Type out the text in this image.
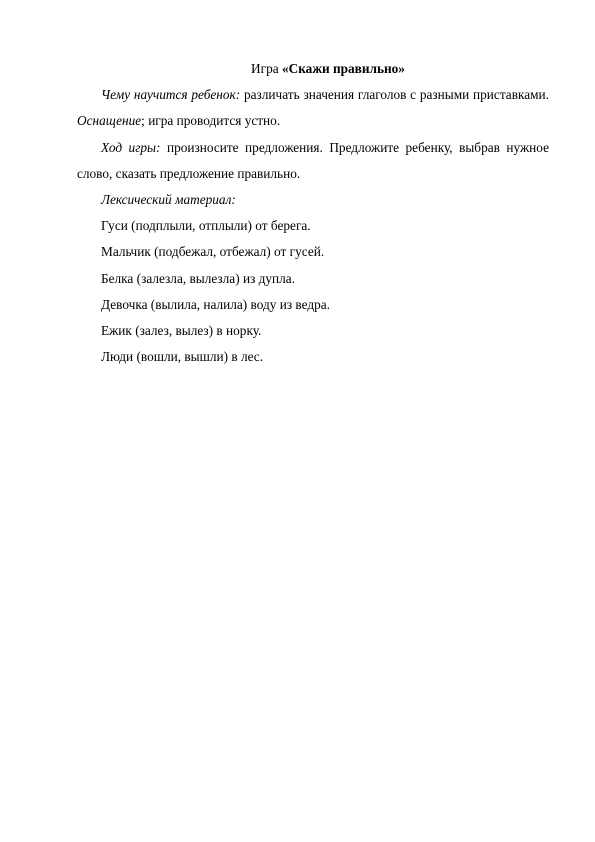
Игра «Скажи правильно»

Чему научится ребенок: различать значения глаголов с разными приставками. Оснащение; игра проводится устно.

Ход игры: произносите предложения. Предложите ребенку, выбрав нужное слово, сказать предложение правильно.

Лексический материал:

Гуси (подплыли, отплыли) от берега.
Мальчик (подбежал, отбежал) от гусей.
Белка (залезла, вылезла) из дупла.
Девочка (вылила, налила) воду из ведра.
Ежик (залез, вылез) в норку.
Люди (вошли, вышли) в лес.
